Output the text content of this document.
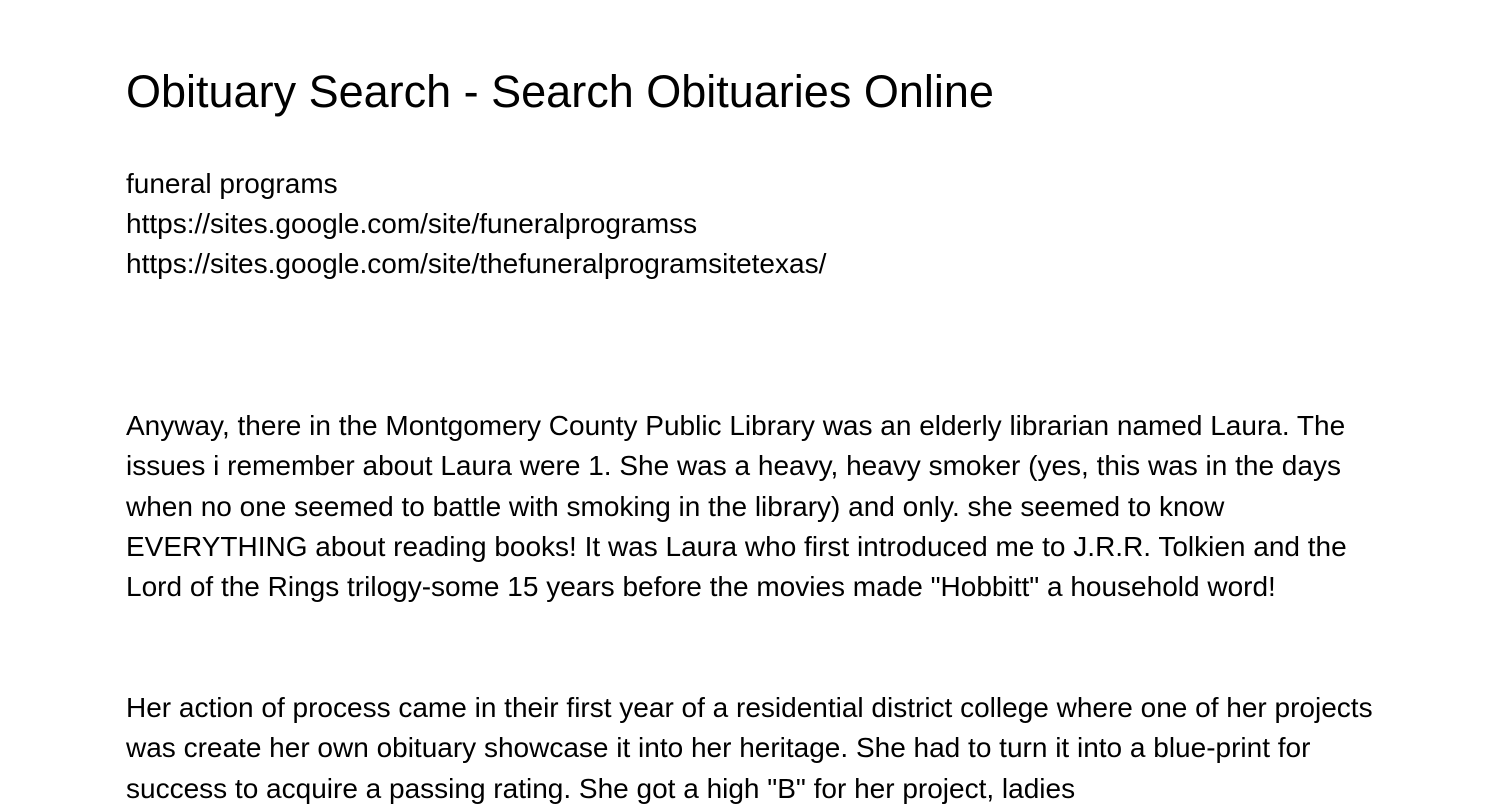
Obituary Search - Search Obituaries Online
funeral programs
https://sites.google.com/site/funeralprogramss
https://sites.google.com/site/thefuneralprogramsitetexas/

Anyway, there in the Montgomery County Public Library was an elderly librarian named Laura. The issues i remember about Laura were 1. She was a heavy, heavy smoker (yes, this was in the days when no one seemed to battle with smoking in the library) and only. she seemed to know EVERYTHING about reading books! It was Laura who first introduced me to J.R.R. Tolkien and the Lord of the Rings trilogy-some 15 years before the movies made "Hobbitt" a household word!

Her action of process came in their first year of a residential district college where one of her projects was create her own obituary showcase it into her heritage. She had to turn it into a blue-print for success to acquire a passing rating. She got a high "B" for her project, ladies
